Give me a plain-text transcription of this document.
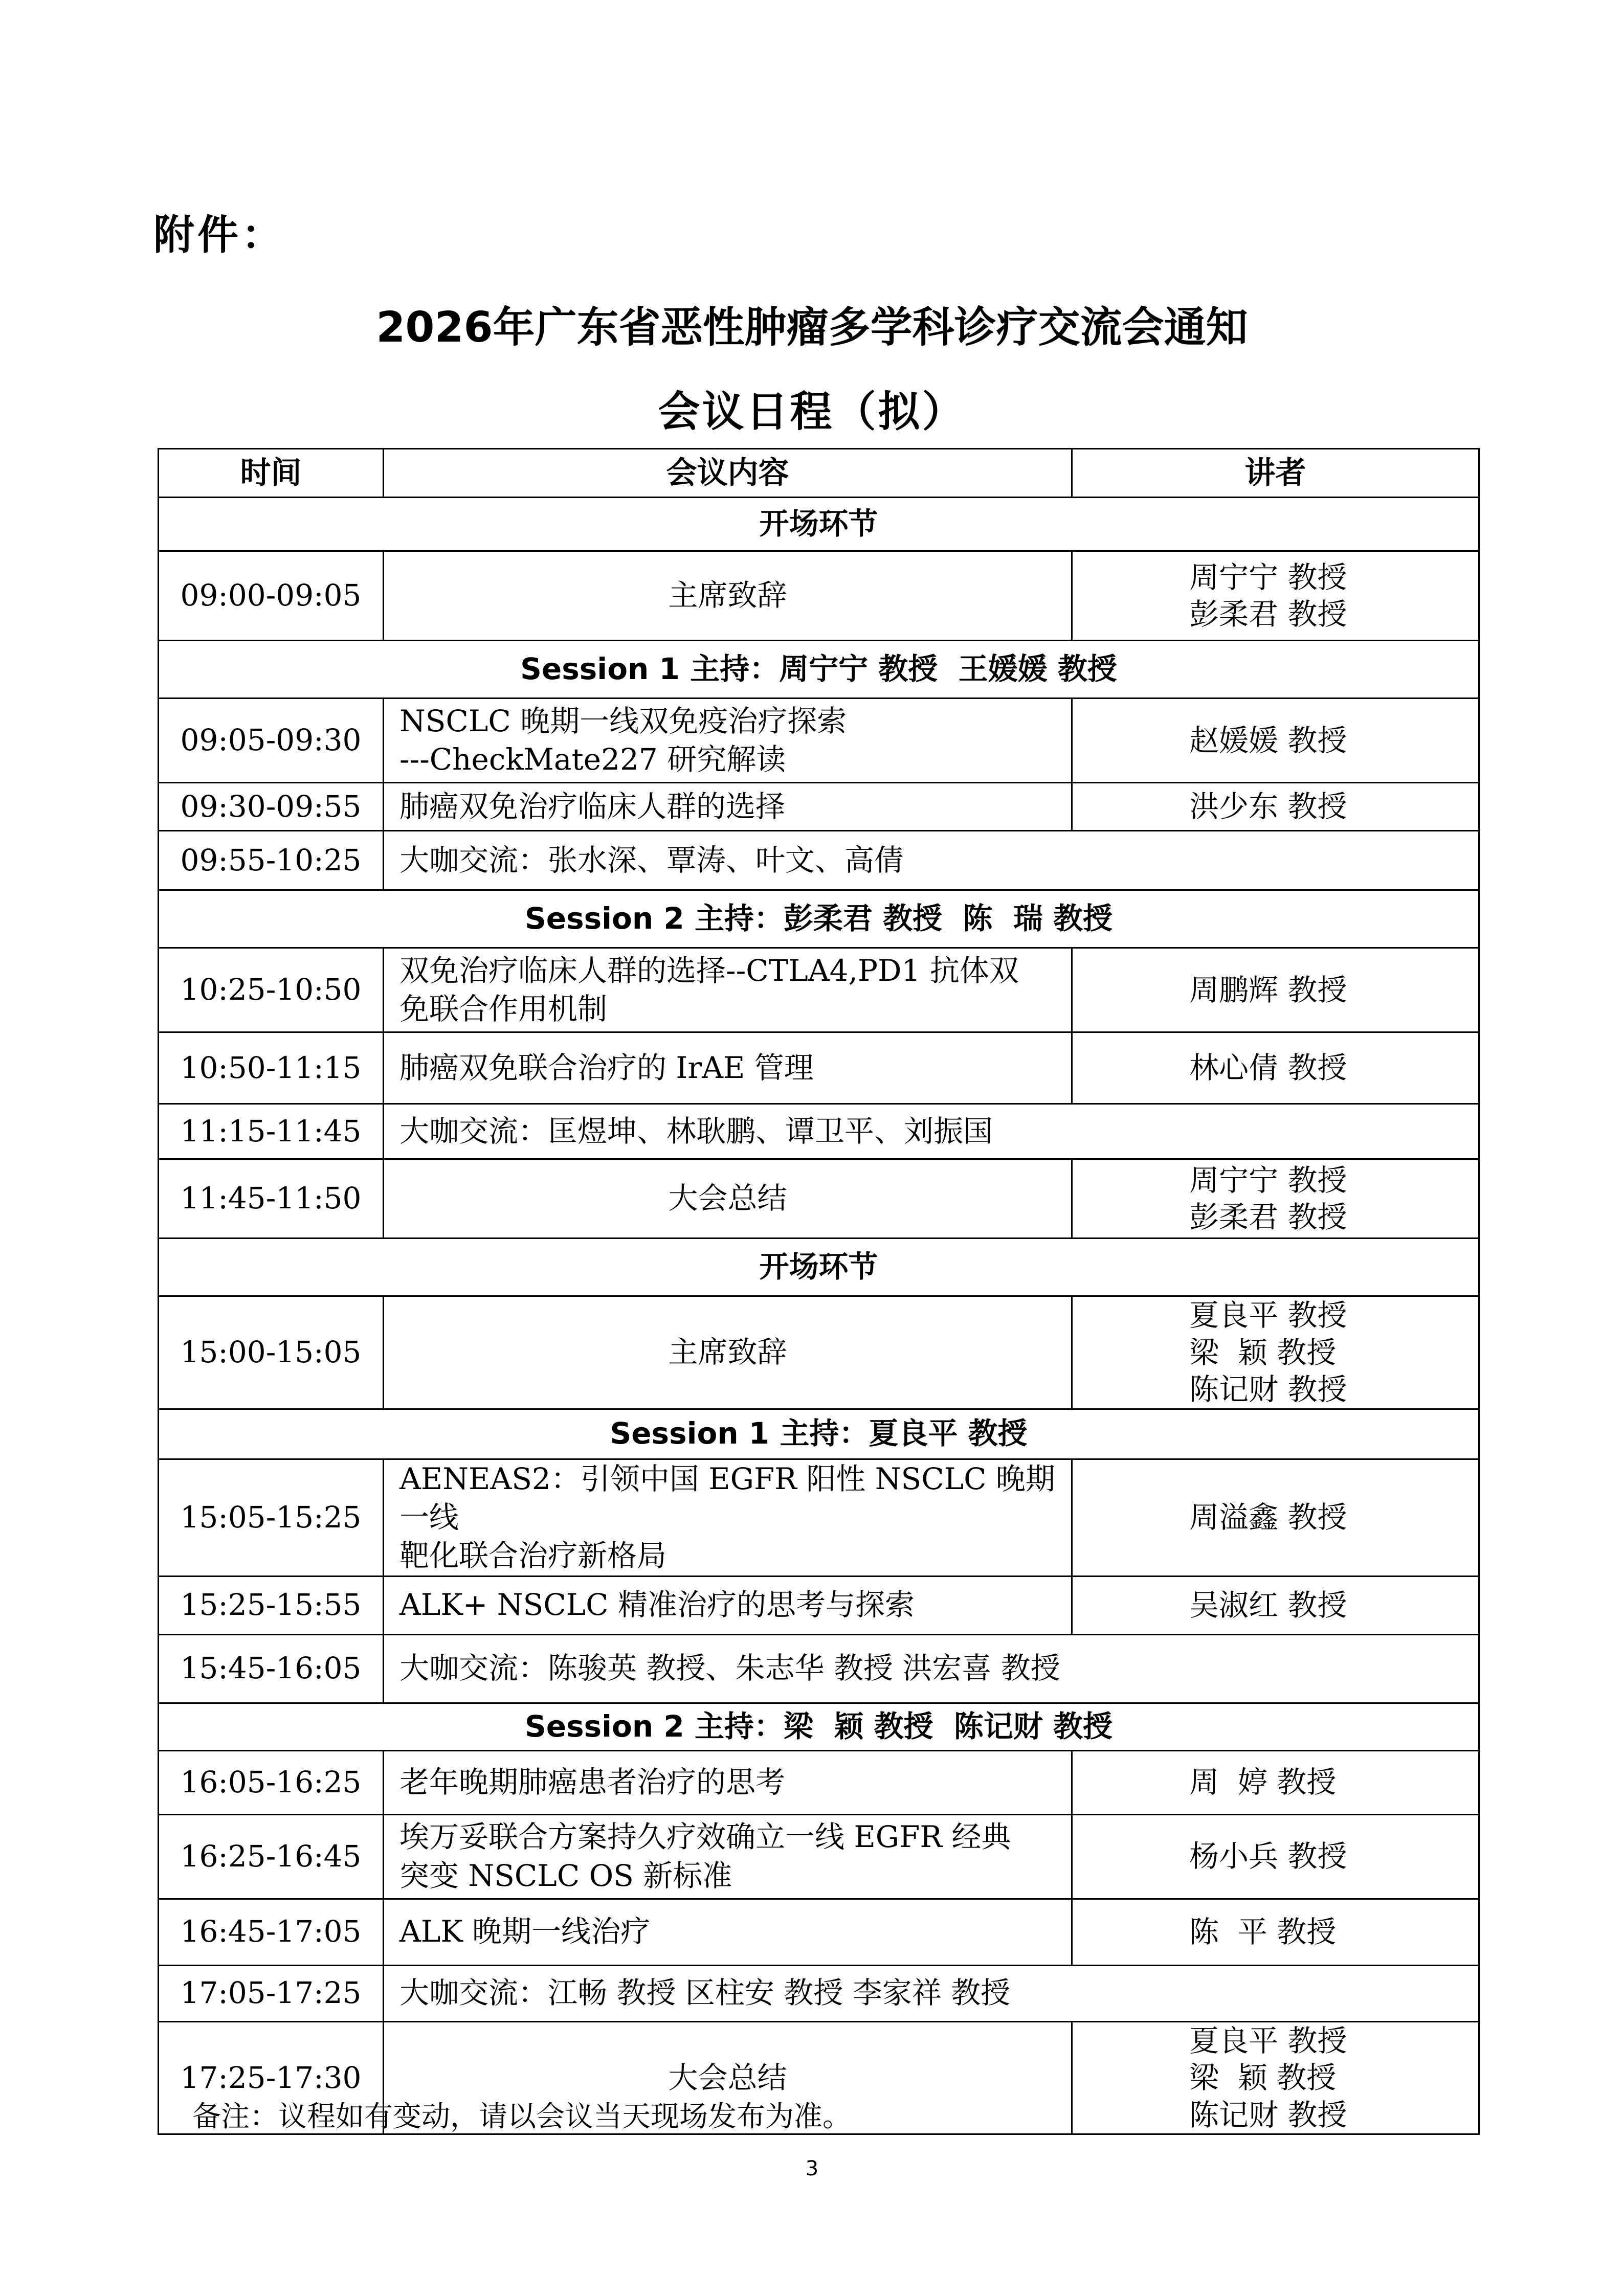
附件：
2026年广东省恶性肿瘤多学科诊疗交流会通知
会议日程（拟）
时间	会议内容	讲者
开场环节		
09:00-09:05	主席致辞	周宁宁 教授
彭柔君 教授

Session 1 主持：周宁宁 教授  王媛媛 教授		
09:05-09:30	NSCLC 晚期一线双免疫治疗探索
---CheckMate227 研究解读	赵媛媛 教授

09:30-09:55	肺癌双免治疗临床人群的选择	洪少东 教授

09:55-10:25	大咖交流：张水深、覃涛、叶文、高倩	
Session 2 主持：彭柔君 教授  陈  瑞 教授		
10:25-10:50	双免治疗临床人群的选择--CTLA4,PD1 抗体双
免联合作用机制	周鹏辉 教授

10:50-11:15	肺癌双免联合治疗的 IrAE 管理	林心倩 教授

11:15-11:45	大咖交流：匡煜坤、林耿鹏、谭卫平、刘振国	
11:45-11:50	大会总结	周宁宁 教授
彭柔君 教授

开场环节		
15:00-15:05	主席致辞	夏良平 教授
梁  颖 教授
陈记财 教授

Session 1 主持：夏良平 教授		
15:05-15:25	AENEAS2：引领中国 EGFR 阳性 NSCLC 晚期一线
靶化联合治疗新格局	周溢鑫 教授

15:25-15:55	ALK+ NSCLC 精准治疗的思考与探索	吴淑红 教授

15:45-16:05	大咖交流：陈骏英 教授、朱志华 教授 洪宏喜 教授	
Session 2 主持：梁  颖 教授  陈记财 教授		
16:05-16:25	老年晚期肺癌患者治疗的思考	周  婷 教授

16:25-16:45	埃万妥联合方案持久疗效确立一线 EGFR 经典
突变 NSCLC OS 新标准	杨小兵 教授

16:45-17:05	ALK 晚期一线治疗	陈  平 教授

17:05-17:25	大咖交流：江畅 教授 区柱安 教授 李家祥 教授	
17:25-17:30	大会总结	夏良平 教授
梁  颖 教授
陈记财 教授
备注：议程如有变动，请以会议当天现场发布为准。
3
